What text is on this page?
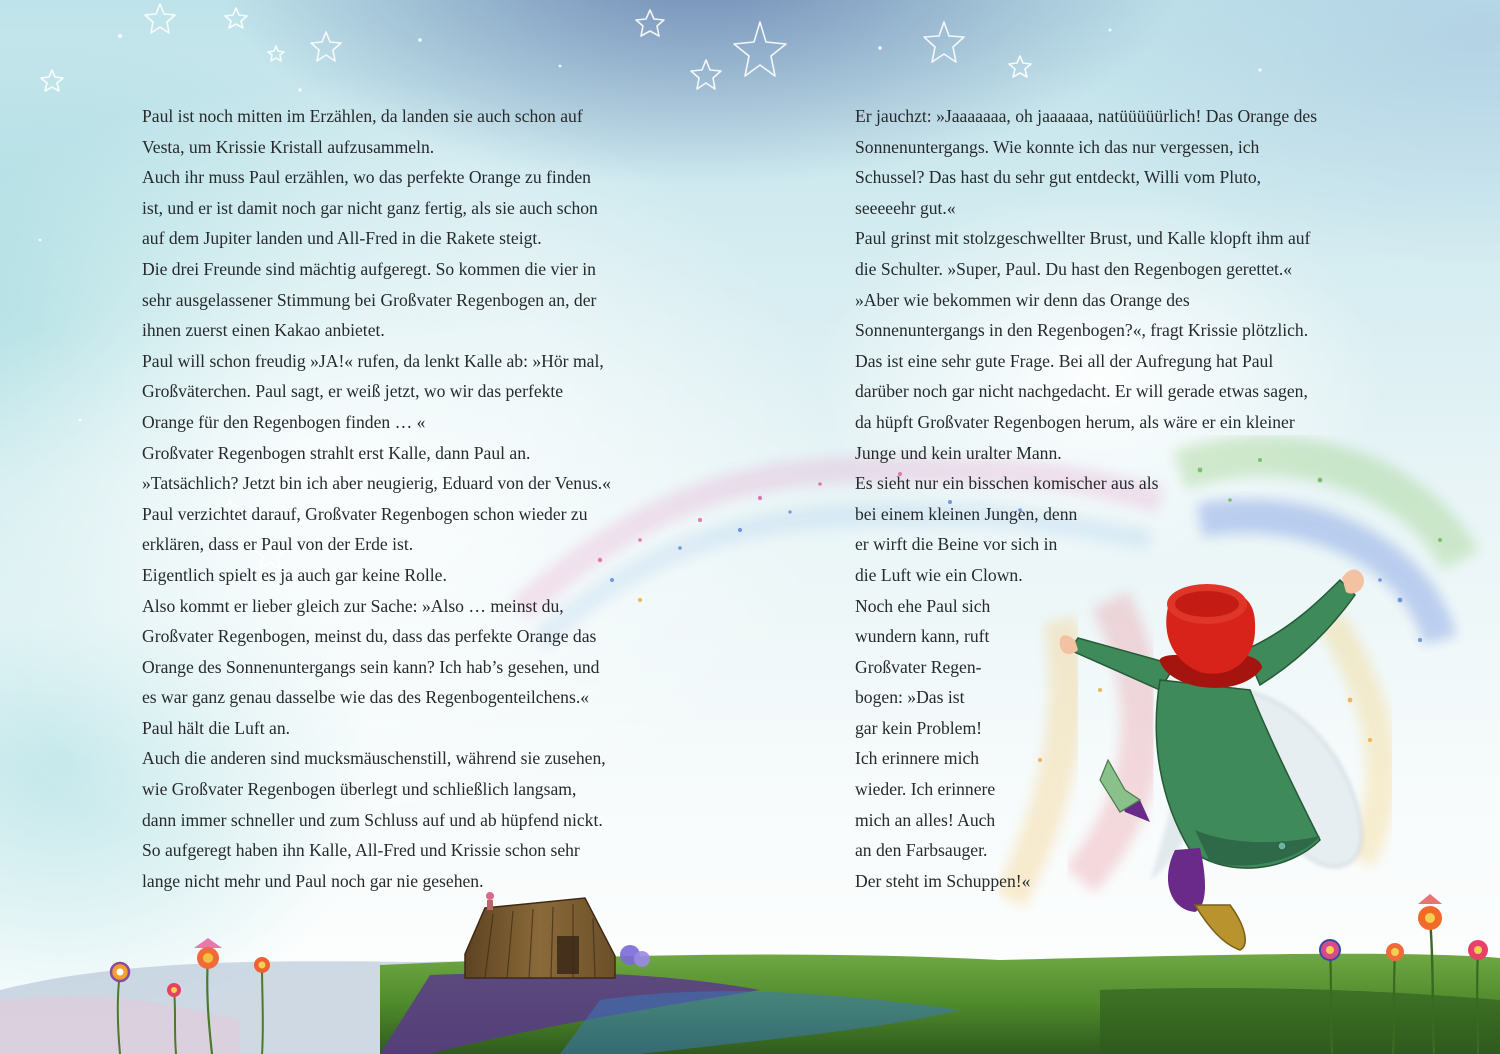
Paul ist noch mitten im Erzählen, da landen sie auch schon auf

Vesta, um Krissie Kristall aufzusammeln.

Auch ihr muss Paul erzählen, wo das perfekte Orange zu finden

ist, und er ist damit noch gar nicht ganz fertig, als sie auch schon

auf dem Jupiter landen und All-Fred in die Rakete steigt.

Die drei Freunde sind mächtig aufgeregt. So kommen die vier in

sehr ausgelassener Stimmung bei Großvater Regenbogen an, der

ihnen zuerst einen Kakao anbietet.

Paul will schon freudig »JA!« rufen, da lenkt Kalle ab: »Hör mal,

Großväterchen. Paul sagt, er weiß jetzt, wo wir das perfekte

Orange für den Regenbogen finden … «

Großvater Regenbogen strahlt erst Kalle, dann Paul an.

»Tatsächlich? Jetzt bin ich aber neugierig, Eduard von der Venus.«

Paul verzichtet darauf, Großvater Regenbogen schon wieder zu

erklären, dass er Paul von der Erde ist.

Eigentlich spielt es ja auch gar keine Rolle.

Also kommt er lieber gleich zur Sache: »Also … meinst du,

Großvater Regenbogen, meinst du, dass das perfekte Orange das

Orange des Sonnenuntergangs sein kann? Ich hab’s gesehen, und

es war ganz genau dasselbe wie das des Regenbogenteilchens.«

Paul hält die Luft an.

Auch die anderen sind mucksmäuschenstill, während sie zusehen,

wie Großvater Regenbogen überlegt und schließlich langsam,

dann immer schneller und zum Schluss auf und ab hüpfend nickt.

So aufgeregt haben ihn Kalle, All-Fred und Krissie schon sehr

lange nicht mehr und Paul noch gar nie gesehen.

Er jauchzt: »Jaaaaaaa, oh jaaaaaa, natüüüüürlich! Das Orange des

Sonnenuntergangs. Wie konnte ich das nur vergessen, ich

Schussel? Das hast du sehr gut entdeckt, Willi vom Pluto,

seeeeehr gut.«

Paul grinst mit stolzgeschwellter Brust, und Kalle klopft ihm auf

die Schulter. »Super, Paul. Du hast den Regenbogen gerettet.«

»Aber wie bekommen wir denn das Orange des

Sonnenuntergangs in den Regenbogen?«, fragt Krissie plötzlich.

Das ist eine sehr gute Frage. Bei all der Aufregung hat Paul

darüber noch gar nicht nachgedacht. Er will gerade etwas sagen,

da hüpft Großvater Regenbogen herum, als wäre er ein kleiner

Junge und kein uralter Mann.

Es sieht nur ein bisschen komischer aus als

bei einem kleinen Jungen, denn

er wirft die Beine vor sich in

die Luft wie ein Clown.

Noch ehe Paul sich

wundern kann, ruft

Großvater Regen-

bogen: »Das ist

gar kein Problem!

Ich erinnere mich

wieder. Ich erinnere

mich an alles! Auch

an den Farbsauger.

Der steht im Schuppen!«
